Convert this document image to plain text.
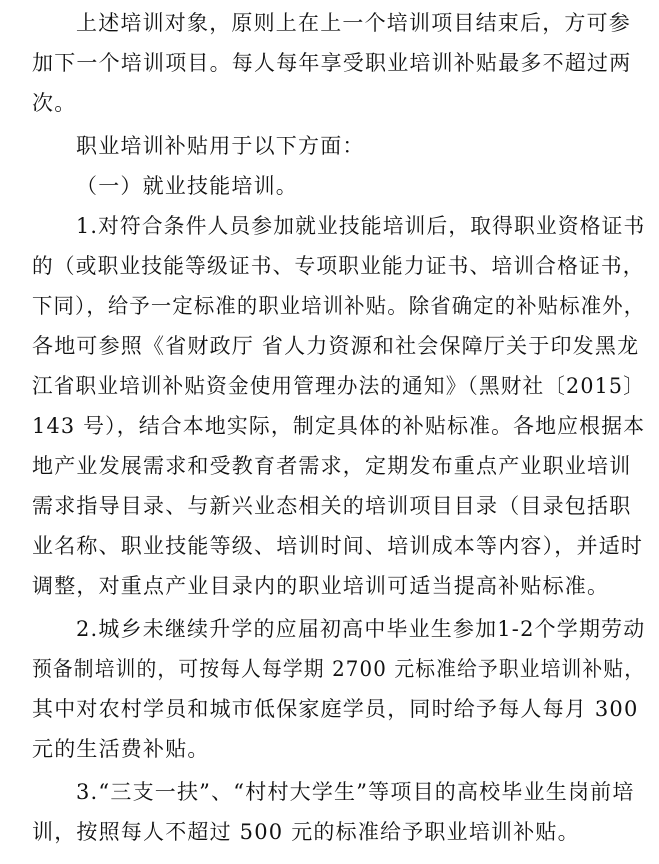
上述培训对象，原则上在上一个培训项目结束后，方可参
加下一个培训项目。每人每年享受职业培训补贴最多不超过两
次。
职业培训补贴用于以下方面：
（一）就业技能培训。
1.对符合条件人员参加就业技能培训后，取得职业资格证书
的（或职业技能等级证书、专项职业能力证书、培训合格证书，
下同），给予一定标准的职业培训补贴。除省确定的补贴标准外，
各地可参照《省财政厅 省人力资源和社会保障厅关于印发黑龙
江省职业培训补贴资金使用管理办法的通知》（黑财社〔2015〕
143 号），结合本地实际，制定具体的补贴标准。各地应根据本
地产业发展需求和受教育者需求，定期发布重点产业职业培训
需求指导目录、与新兴业态相关的培训项目目录（目录包括职
业名称、职业技能等级、培训时间、培训成本等内容），并适时
调整，对重点产业目录内的职业培训可适当提高补贴标准。
2.城乡未继续升学的应届初高中毕业生参加1-2个学期劳动
预备制培训的，可按每人每学期 2700 元标准给予职业培训补贴，
其中对农村学员和城市低保家庭学员，同时给予每人每月 300
元的生活费补贴。
3.“三支一扶”、“村村大学生”等项目的高校毕业生岗前培
训，按照每人不超过 500 元的标准给予职业培训补贴。
